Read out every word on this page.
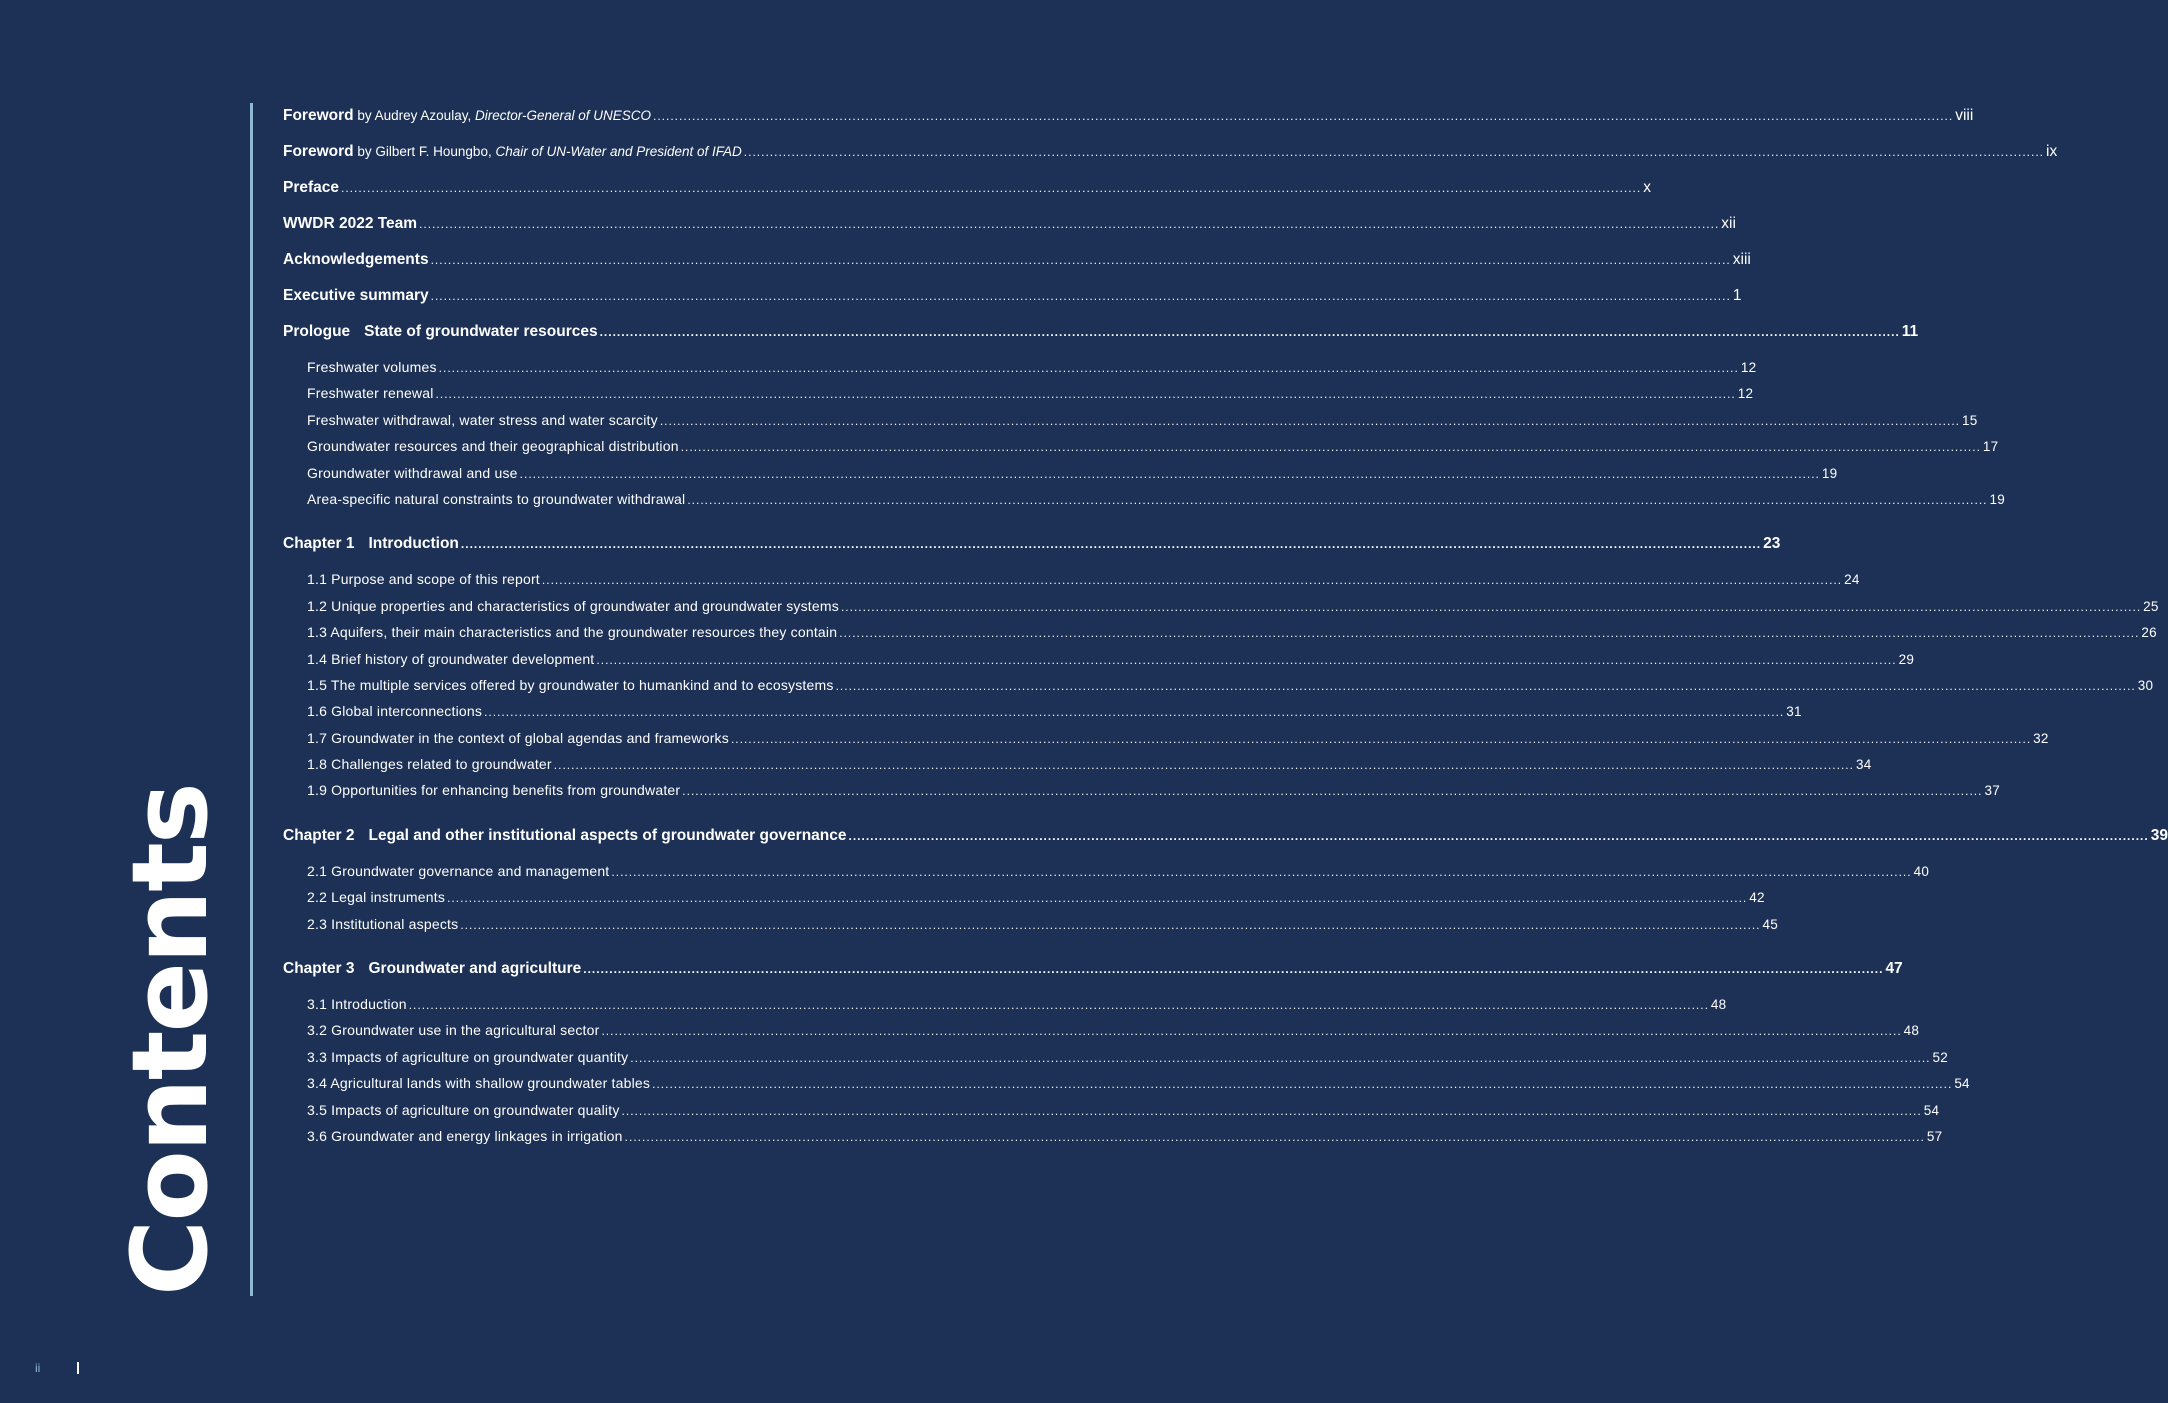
Contents
Foreword by Audrey Azoulay, Director-General of UNESCO ............................................................................................................................................................................................................................................................................................................ viii
Foreword by Gilbert F. Houngbo, Chair of UN-Water and President of IFAD ............................................................................................................................................................................................................................................................................................................ ix
Preface ............................................................................................................................................................................................................................................................................................................ x
WWDR 2022 Team ............................................................................................................................................................................................................................................................................................................ xii
Acknowledgements ............................................................................................................................................................................................................................................................................................................ xiii
Executive summary ............................................................................................................................................................................................................................................................................................................ 1
Prologue State of groundwater resources ............................................................................................................................................................................................................................................................................................................ 11
Freshwater volumes ............................................................................................................................................................................................................................................................................................................ 12
Freshwater renewal ............................................................................................................................................................................................................................................................................................................ 12
Freshwater withdrawal, water stress and water scarcity ............................................................................................................................................................................................................................................................................................................ 15
Groundwater resources and their geographical distribution ............................................................................................................................................................................................................................................................................................................ 17
Groundwater withdrawal and use ............................................................................................................................................................................................................................................................................................................ 19
Area-specific natural constraints to groundwater withdrawal ............................................................................................................................................................................................................................................................................................................ 19
Chapter 1 Introduction ............................................................................................................................................................................................................................................................................................................ 23
1.1 Purpose and scope of this report ............................................................................................................................................................................................................................................................................................................ 24
1.2 Unique properties and characteristics of groundwater and groundwater systems ............................................................................................................................................................................................................................................................................................................ 25
1.3 Aquifers, their main characteristics and the groundwater resources they contain ............................................................................................................................................................................................................................................................................................................ 26
1.4 Brief history of groundwater development ............................................................................................................................................................................................................................................................................................................ 29
1.5 The multiple services offered by groundwater to humankind and to ecosystems ............................................................................................................................................................................................................................................................................................................ 30
1.6 Global interconnections ............................................................................................................................................................................................................................................................................................................ 31
1.7 Groundwater in the context of global agendas and frameworks ............................................................................................................................................................................................................................................................................................................ 32
1.8 Challenges related to groundwater ............................................................................................................................................................................................................................................................................................................ 34
1.9 Opportunities for enhancing benefits from groundwater ............................................................................................................................................................................................................................................................................................................ 37
Chapter 2 Legal and other institutional aspects of groundwater governance ............................................................................................................................................................................................................................................................................................................ 39
2.1 Groundwater governance and management ............................................................................................................................................................................................................................................................................................................ 40
2.2 Legal instruments ............................................................................................................................................................................................................................................................................................................ 42
2.3 Institutional aspects ............................................................................................................................................................................................................................................................................................................ 45
Chapter 3 Groundwater and agriculture ............................................................................................................................................................................................................................................................................................................ 47
3.1 Introduction ............................................................................................................................................................................................................................................................................................................ 48
3.2 Groundwater use in the agricultural sector ............................................................................................................................................................................................................................................................................................................ 48
3.3 Impacts of agriculture on groundwater quantity ............................................................................................................................................................................................................................................................................................................ 52
3.4 Agricultural lands with shallow groundwater tables ............................................................................................................................................................................................................................................................................................................ 54
3.5 Impacts of agriculture on groundwater quality ............................................................................................................................................................................................................................................................................................................ 54
3.6 Groundwater and energy linkages in irrigation ............................................................................................................................................................................................................................................................................................................ 57
ii
